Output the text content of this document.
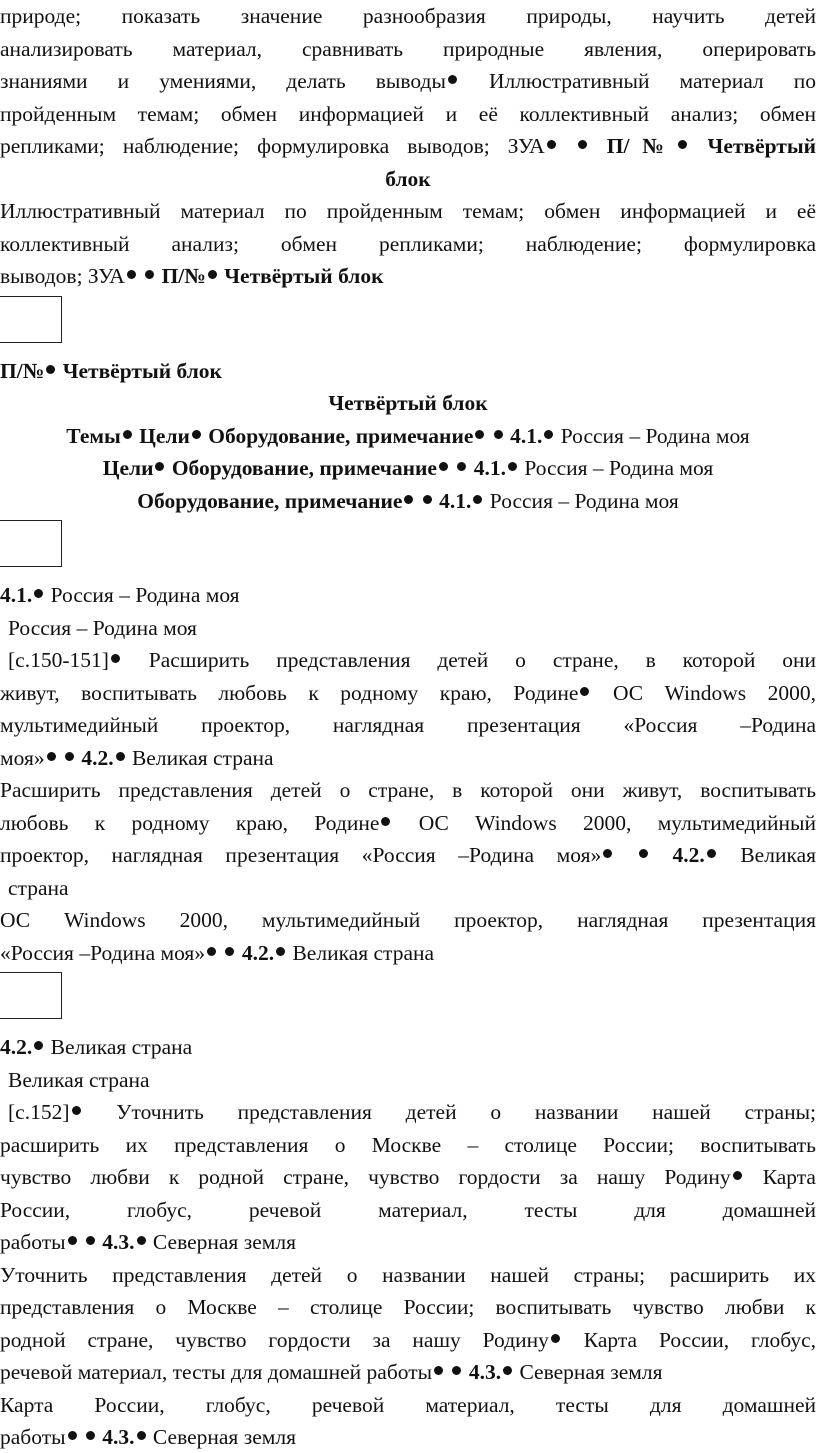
природе; показать значение разнообразия природы, научить детей
анализировать материал, сравнивать природные явления, оперировать
знаниями и умениями, делать выводы Иллюстративный материал по
пройденным темам; обмен информацией и её коллективный анализ; обмен
репликами; наблюдение; формулировка выводов; ЗУА  П/№ Четвёртый
блок
Иллюстративный материал по пройденным темам; обмен информацией и её
коллективный анализ; обмен репликами; наблюдение; формулировка
выводов; ЗУА  П/№ Четвёртый блок
П/№ Четвёртый блок
Четвёртый блок
Темы Цели Оборудование, примечание  4.1. Россия – Родина моя
Цели Оборудование, примечание  4.1. Россия – Родина моя
Оборудование, примечание  4.1. Россия – Родина моя
4.1. Россия – Родина моя
Россия – Родина моя
[с.150-151] Расширить представления детей о стране, в которой они
живут, воспитывать любовь к родному краю, Родине ОС Windows 2000,
мультимедийный проектор, наглядная презентация «Россия –Родина
моя»  4.2. Великая страна
Расширить представления детей о стране, в которой они живут, воспитывать
любовь к родному краю, Родине ОС Windows 2000, мультимедийный
проектор, наглядная презентация «Россия –Родина моя»  4.2. Великая
страна
ОС Windows 2000, мультимедийный проектор, наглядная презентация
«Россия –Родина моя»  4.2. Великая страна
4.2. Великая страна
Великая страна
[с.152] Уточнить представления детей о названии нашей страны;
расширить их представления о Москве – столице России; воспитывать
чувство любви к родной стране, чувство гордости за нашу Родину Карта
России, глобус, речевой материал, тесты для домашней
работы  4.3. Северная земля
Уточнить представления детей о названии нашей страны; расширить их
представления о Москве – столице России; воспитывать чувство любви к
родной стране, чувство гордости за нашу Родину Карта России, глобус,
речевой материал, тесты для домашней работы  4.3. Северная земля
Карта России, глобус, речевой материал, тесты для домашней
работы  4.3. Северная земля
